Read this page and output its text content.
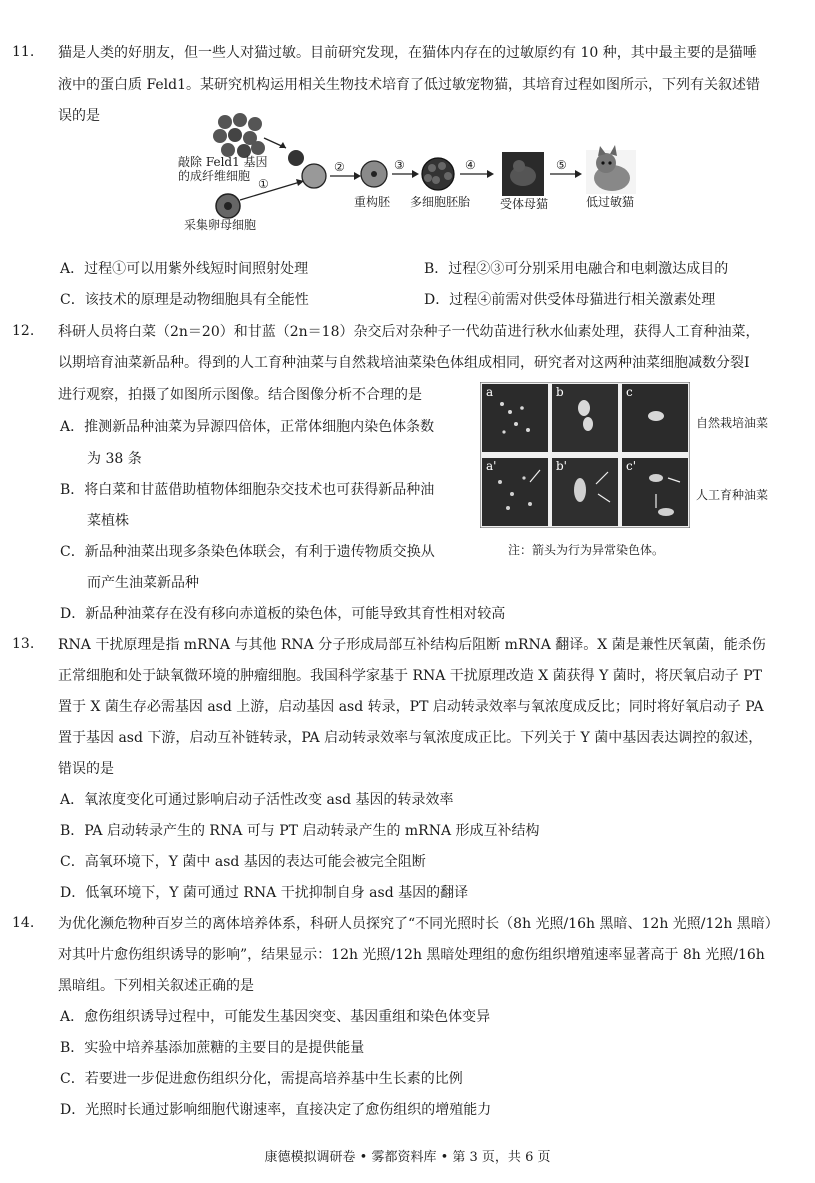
11. 猫是人类的好朋友，但一些人对猫过敏。目前研究发现，在猫体内存在的过敏原约有 10 种，其中最主要的是猫唾
液中的蛋白质 Feld1。某研究机构运用相关生物技术培育了低过敏宠物猫，其培育过程如图所示，下列有关叙述错
误的是
敲除 Feld1 基因
的成纤维细胞
采集卵母细胞
①
②
重构胚
③
多细胞胚胎
④
受体母猫
⑤
低过敏猫
A．过程①可以用紫外线短时间照射处理	B．过程②③可分别采用电融合和电刺激达成目的
C．该技术的原理是动物细胞具有全能性	D．过程④前需对供受体母猫进行相关激素处理
12. 科研人员将白菜（2n＝20）和甘蓝（2n＝18）杂交后对杂种子一代幼苗进行秋水仙素处理，获得人工育种油菜，
以期培育油菜新品种。得到的人工育种油菜与自然栽培油菜染色体组成相同，研究者对这两种油菜细胞减数分裂I
进行观察，拍摄了如图所示图像。结合图像分析不合理的是
A．推测新品种油菜为异源四倍体，正常体细胞内染色体条数
为 38 条
B．将白菜和甘蓝借助植物体细胞杂交技术也可获得新品种油
菜植株
C．新品种油菜出现多条染色体联会，有利于遗传物质交换从
而产生油菜新品种
D．新品种油菜存在没有移向赤道板的染色体，可能导致其育性相对较高
a	b	c
a'	b'	c'
自然栽培油菜
人工育种油菜
注：箭头为行为异常染色体。
13. RNA 干扰原理是指 mRNA 与其他 RNA 分子形成局部互补结构后阻断 mRNA 翻译。X 菌是兼性厌氧菌，能杀伤
正常细胞和处于缺氧微环境的肿瘤细胞。我国科学家基于 RNA 干扰原理改造 X 菌获得 Y 菌时，将厌氧启动子 PT
置于 X 菌生存必需基因 asd 上游，启动基因 asd 转录，PT 启动转录效率与氧浓度成反比；同时将好氧启动子 PA
置于基因 asd 下游，启动互补链转录，PA 启动转录效率与氧浓度成正比。下列关于 Y 菌中基因表达调控的叙述，
错误的是
A．氧浓度变化可通过影响启动子活性改变 asd 基因的转录效率
B．PA 启动转录产生的 RNA 可与 PT 启动转录产生的 mRNA 形成互补结构
C．高氧环境下，Y 菌中 asd 基因的表达可能会被完全阻断
D．低氧环境下，Y 菌可通过 RNA 干扰抑制自身 asd 基因的翻译
14. 为优化濒危物种百岁兰的离体培养体系，科研人员探究了“不同光照时长（8h 光照/16h 黑暗、12h 光照/12h 黑暗）
对其叶片愈伤组织诱导的影响”，结果显示：12h 光照/12h 黑暗处理组的愈伤组织增殖速率显著高于 8h 光照/16h
黑暗组。下列相关叙述正确的是
A．愈伤组织诱导过程中，可能发生基因突变、基因重组和染色体变异
B．实验中培养基添加蔗糖的主要目的是提供能量
C．若要进一步促进愈伤组织分化，需提高培养基中生长素的比例
D．光照时长通过影响细胞代谢速率，直接决定了愈伤组织的增殖能力
康德模拟调研卷 • 雾都资料库 • 第 3 页，共 6 页
